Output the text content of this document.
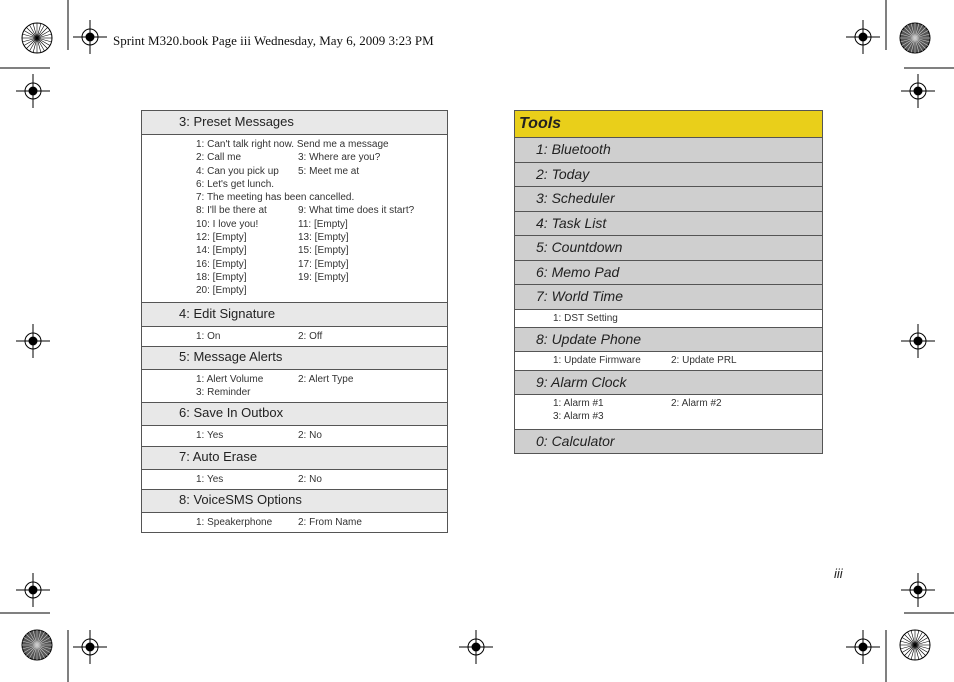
Sprint M320.book Page iii Wednesday, May 6, 2009 3:23 PM
3: Preset Messages
1: Can't talk right now. Send me a message
2: Call me	3: Where are you?
4: Can you pick up	5: Meet me at
6: Let's get lunch.
7: The meeting has been cancelled.
8: I'll be there at	9: What time does it start?
10: I love you!	11: [Empty]
12: [Empty]	13: [Empty]
14: [Empty]	15: [Empty]
16: [Empty]	17: [Empty]
18: [Empty]	19: [Empty]
20: [Empty]
4: Edit Signature
1: On	2: Off
5: Message Alerts
1: Alert Volume	2: Alert Type
3: Reminder
6: Save In Outbox
1: Yes	2: No
7: Auto Erase
1: Yes	2: No
8: VoiceSMS Options
1: Speakerphone	2: From Name
Tools
1: Bluetooth
2: Today
3: Scheduler
4: Task List
5: Countdown
6: Memo Pad
7: World Time
1: DST Setting
8: Update Phone
1: Update Firmware	2: Update PRL
9: Alarm Clock
1: Alarm #1	2: Alarm #2
3: Alarm #3
0: Calculator
iii
